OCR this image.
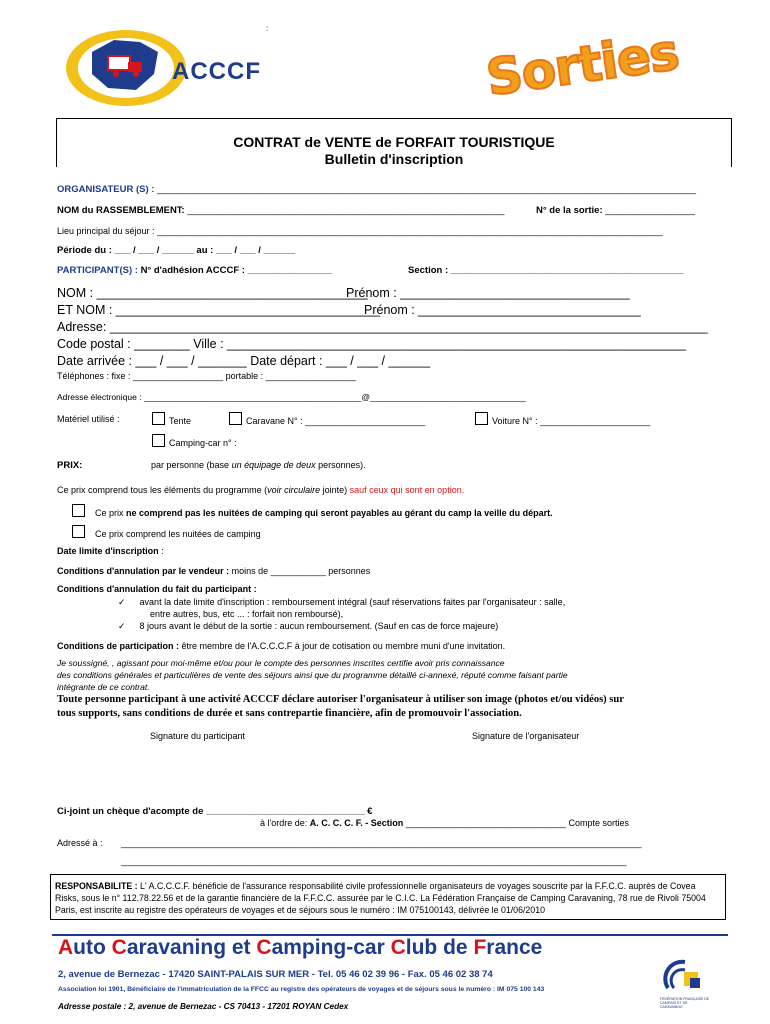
ACCCF
:	Sorties
CONTRAT de VENTE de FORFAIT TOURISTIQUE
Bulletin d'inscription
ORGANISATEUR (S) : ______________________________________________________________________________________________________
NOM du RASSEMBLEMENT: ____________________________________________________________	N° de la sortie: _________________
Lieu principal du séjour : _____________________________________________________________________________________________________
Période du : ___ / ___ / ______ au : ___ / ___ / ______
PARTICIPANT(S) : N° d'adhésion ACCCF : ________________	Section : ____________________________________________
NOM : _______________________________________
Prénom : _________________________________
ET NOM : ______________________________________
Prénom : ________________________________
Adresse: ______________________________________________________________________________________
Code postal : ________ Ville : __________________________________________________________________
Date arrivée : ___ / ___ / _______ Date départ : ___ / ___ / ______
Téléphones : fixe : __________________ portable : __________________
Adresse électronique : ______________________________________________@_________________________________
Matériel utilisé :	Tente	Caravane N° : ________________________	Voiture N° : ______________________
Camping-car n° :
PRIX:	par personne (base un équipage de deux personnes).
Ce prix comprend tous les éléments du programme (voir circulaire jointe) sauf ceux qui sont en option.
Ce prix ne comprend pas les nuitées de camping qui seront payables au gérant du camp la veille du départ.
Ce prix comprend les nuitées de camping
Date limite d'inscription :
Conditions d'annulation par le vendeur : moins de ___________ personnes
Conditions d'annulation du fait du participant :
✓ avant la date limite d'inscription : remboursement intégral (sauf réservations faites par l'organisateur : salle,
entre autres, bus, etc ... : forfait non remboursé),
✓ 8 jours avant le début de la sortie : aucun remboursement. (Sauf en cas de force majeure)
Conditions de participation : être membre de l'A.C.C.C.F à jour de cotisation ou membre muni d'une invitation.
Je soussigné, , agissant pour moi-même et/ou pour le compte des personnes inscrites certifie avoir pris connaissance
des conditions générales et particulières de vente des séjours ainsi que du programme détaillé ci-annexé, réputé comme faisant partie
intégrante de ce contrat.
Toute personne participant à une activité ACCCF déclare autoriser l'organisateur à utiliser son image (photos et/ou vidéos) sur
tous supports, sans conditions de durée et sans contrepartie financière, afin de promouvoir l'association.
Signature du participant	Signature de l'organisateur
Ci-joint un chèque d'acompte de ______________________________ €
à l'ordre de: A. C. C. C. F. - Section ________________________________ Compte sorties
Adressé à : ________________________________________________________________________________________________________
_____________________________________________________________________________________________________
RESPONSABILITE : L' A.C.C.C.F. bénéficie de l'assurance responsabilité civile professionnelle organisateurs de voyages souscrite par la F.F.C.C. auprès de Covea Risks, sous le n° 112.78.22.56 et de la garantie financière de la F.F.C.C. assurée par le C.I.C. La Fédération Française de Camping Caravaning, 78 rue de Rivoli 75004 Paris, est inscrite au registre des opérateurs de voyages et de séjours sous le numéro : IM 075100143, délivrée le 01/06/2010
Auto Caravaning et Camping-car Club de France
2, avenue de Bernezac - 17420 SAINT-PALAIS SUR MER - Tel. 05 46 02 39 96 - Fax. 05 46 02 38 74
Association loi 1901, Bénéficiaire de l'immatriculation de la FFCC au registre des opérateurs de voyages et de séjours sous le numéro : IM 075 100 143
Adresse postale : 2, avenue de Bernezac - CS 70413 - 17201 ROYAN Cedex
FÉDÉRATION FRANÇAISE DE CAMPING ET DE CARAVANING
